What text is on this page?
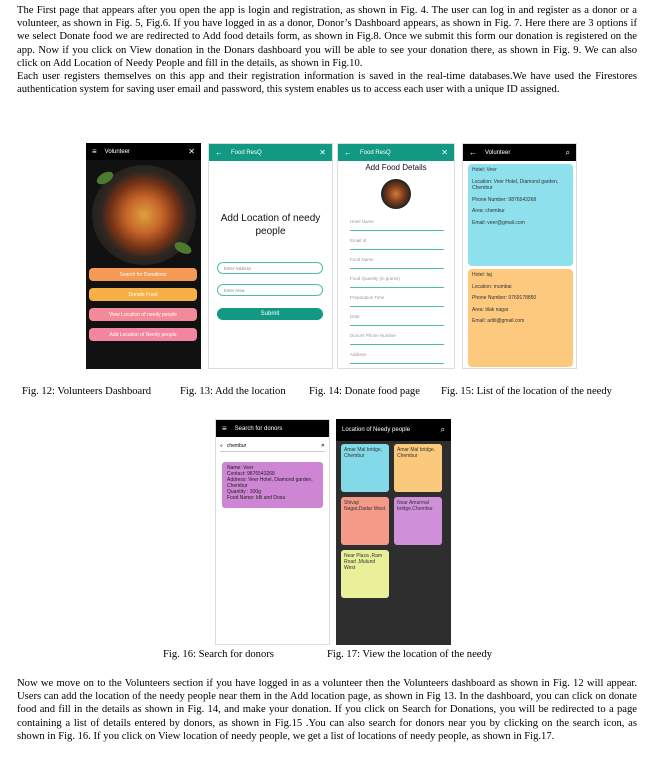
The First page that appears after you open the app is login and registration, as shown in Fig. 4. The user can log in and register as a donor or a volunteer, as shown in Fig. 5, Fig.6. If you have logged in as a donor, Donor’s Dashboard appears, as shown in Fig. 7. Here there are 3 options if we select Donate food we are redirected to Add food details form, as shown in Fig.8. Once we submit this form our donation is registered on the app. Now if you click on View donation in the Donars dashboard you will be able to see your donation there, as shown in Fig. 9. We can also click on Add Location of Needy People and fill in the details, as shown in Fig.10.
Each user registers themselves on this app and their registration information is saved in the real-time databases.We have used the Firestores authentication system for saving user email and password, this system enables us to access each user with a unique ID assigned.

≡ Volunteer	✕
Search for Donations
Donate Food
View Location of needy people
Add Location of Needy people
← Food ResQ	✕
Add Location of needy people
Enter Address
Enter Area
Submit
← Food ResQ	✕
Add Food Details
Hotel Name
Email Id
Food Name
Food Quantity (in grams)
Preparation Time
Date
Donors Phone Number
Address
← Volunteer	⌕
Hotel: Veer
Location: Veer Hotel, Diamond garden, Chembur
Phone Number: 9876543268
Area: chembur
Email: veer@gmail.com
Hotel: taj
Location: mumbai
Phone Number: 9769178850
Area: tilak nagar
Email: aditi@gmail.com
Fig. 12: Volunteers Dashboard	Fig. 13: Add the location Fig. 14: Donate food page Fig. 15: List of the location of the needy
≡ Search for donors
⌕ chembur	✕
Name: Veer
Contact: 9876543268
Address: Veer Hotel, Diamond garden, Chembur
Quantity : 300g
Food Name: Idli and Dosa
Location of Needy people	⌕
Amar Mal bridge, Chembur
Amar Mal bridge, Chembur
Shivaji Nagar,Dadar West
Near Amarmal bridge,Chembur
Near Plaza ,Ram Road ,Mulund West
Fig. 16: Search for donors	Fig. 17: View the location of the needy

Now we move on to the Volunteers section if you have logged in as a volunteer then the Volunteers dashboard as shown in Fig. 12 will appear. Users can add the location of the needy people near them in the Add location page, as shown in Fig 13. In the dashboard, you can click on donate food and fill in the details as shown in Fig. 14, and make your donation. If you click on Search for Donations, you will be redirected to a page containing a list of details entered by donors, as shown in Fig.15 .You can also search for donors near you by clicking on the search icon, as shown in Fig. 16. If you click on View location of needy people, we get a list of locations of needy people, as shown in Fig.17.
